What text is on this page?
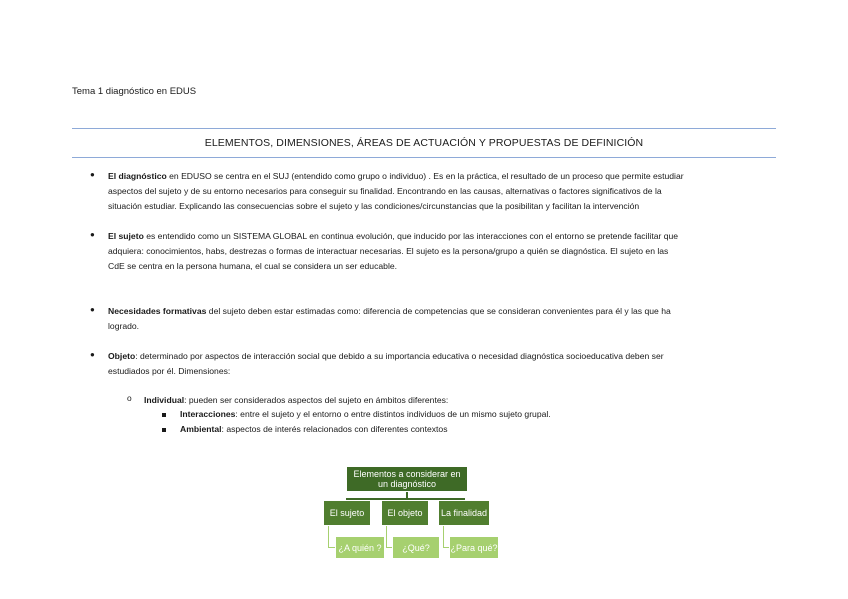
Tema 1 diagnóstico en EDUS
ELEMENTOS, DIMENSIONES, ÁREAS DE ACTUACIÓN Y PROPUESTAS DE DEFINICIÓN
● El diagnóstico en EDUSO se centra en el SUJ (entendido como grupo o individuo) . Es en la práctica, el resultado de un proceso que permite estudiar
aspectos del sujeto y de su entorno necesarios para conseguir su finalidad. Encontrando en las causas, alternativas o factores significativos de la
situación estudiar. Explicando las consecuencias sobre el sujeto y las condiciones/circunstancias que la posibilitan y facilitan la intervención
● El sujeto es entendido como un SISTEMA GLOBAL en continua evolución, que inducido por las interacciones con el entorno se pretende facilitar que
adquiera: conocimientos, habs, destrezas o formas de interactuar necesarias. El sujeto es la persona/grupo a quién se diagnóstica. El sujeto en las
CdE se centra en la persona humana, el cual se considera un ser educable.
● Necesidades formativas del sujeto deben estar estimadas como: diferencia de competencias que se consideran convenientes para él y las que ha
logrado.
● Objeto: determinado por aspectos de interacción social que debido a su importancia educativa o necesidad diagnóstica socioeducativa deben ser
estudiados por él. Dimensiones:
o Individual: pueden ser considerados aspectos del sujeto en ámbitos diferentes:
Interacciones: entre el sujeto y el entorno o entre distintos individuos de un mismo sujeto grupal.
Ambiental: aspectos de interés relacionados con diferentes contextos
Elementos a considerar en un diagnóstico
El sujeto	El objeto	La finalidad
¿A quién ?	¿Qué?	¿Para qué?
